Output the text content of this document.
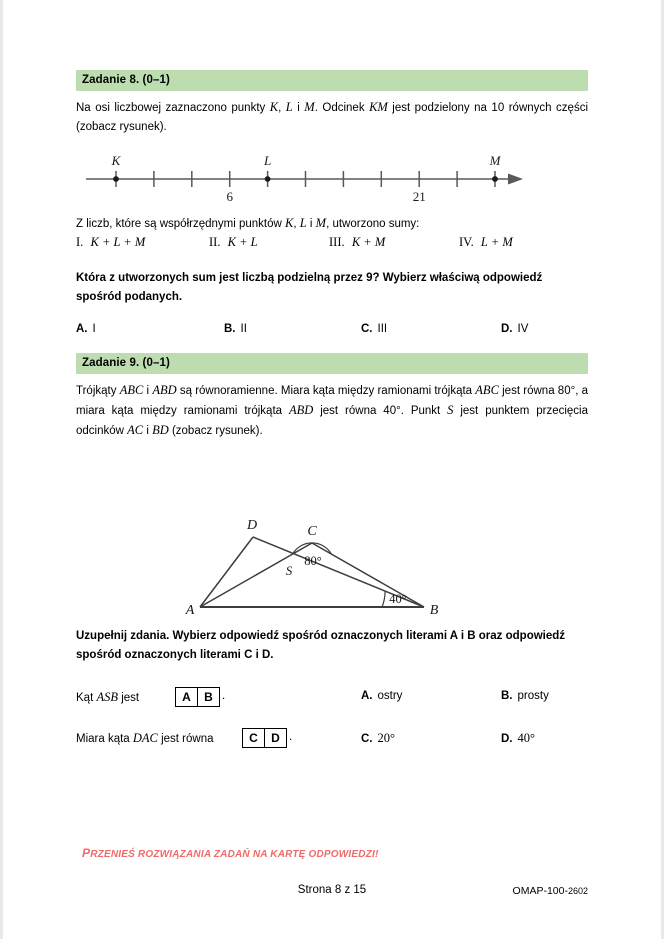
Zadanie 8. (0–1)
Na osi liczbowej zaznaczono punkty K, L i M. Odcinek KM jest podzielony na 10 równych części (zobacz rysunek).
K	L	M
6	21
Z liczb, które są współrzędnymi punktów K, L i M, utworzono sumy:
I. K + L + M	II. K + L	III. K + M	IV. L + M
Która z utworzonych sum jest liczbą podzielną przez 9? Wybierz właściwą odpowiedź spośród podanych.
A. I	B. II	C. III	D. IV
Zadanie 9. (0–1)
Trójkąty ABC i ABD są równoramienne. Miara kąta między ramionami trójkąta ABC jest równa 80°, a miara kąta między ramionami trójkąta ABD jest równa 40°. Punkt S jest punktem przecięcia odcinków AC i BD (zobacz rysunek).
A	B
C
D
S
80°
40°
Uzupełnij zdania. Wybierz odpowiedź spośród oznaczonych literami A i B oraz odpowiedź spośród oznaczonych literami C i D.
Kąt ASB jest	A	B .	A. ostry	B. prosty
Miara kąta DAC jest równa	C	D .	C. 20°	D. 40°
PRZENIEŚ ROZWIĄZANIA ZADAŃ NA KARTĘ ODPOWIEDZI!
Strona 8 z 15	OMAP-100-2602
